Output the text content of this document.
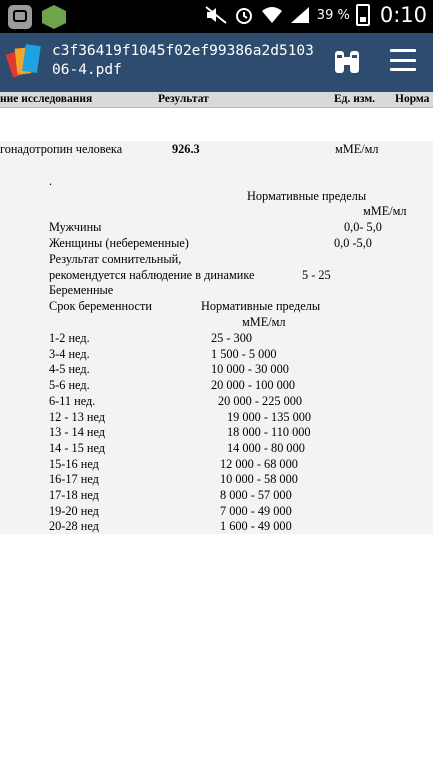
39 % 0:10
c3f36419f1045f02ef99386a2d510306-4.pdf
ние исследования	Результат	Ед. изм. Норма
гонадотропин человека	926.3	мМЕ/мл
.
Нормативные пределы
мМЕ/мл
Мужчины	0,0- 5,0
Женщины (небеременные)	0,0 -5,0
Результат сомнительный,
рекомендуется наблюдение в динамике	5 - 25
Беременные
Срок беременности	Нормативные пределы
мМЕ/мл
1-2 нед.	25 - 300
3-4 нед.	1 500 - 5 000
4-5 нед.	10 000 - 30 000
5-6 нед.	20 000 - 100 000
6-11 нед.	20 000 - 225 000
12 - 13 нед	19 000 - 135 000
13 - 14 нед	18 000 - 110 000
14 - 15 нед	14 000 - 80 000
15-16 нед	12 000 - 68 000
16-17 нед	10 000 - 58 000
17-18 нед	8 000 - 57 000
19-20 нед	7 000 - 49 000
20-28 нед	1 600 - 49 000
